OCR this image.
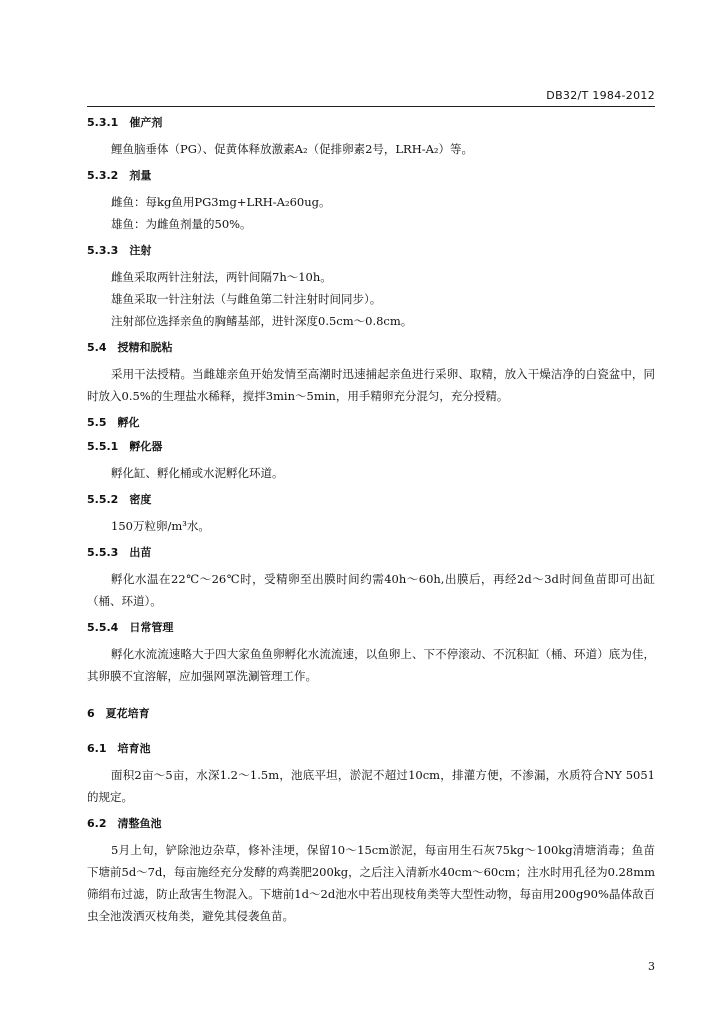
DB32/T 1984-2012
5.3.1　催产剂
鲤鱼脑垂体（PG）、促黄体释放激素A₂（促排卵素2号，LRH-A₂）等。
5.3.2　剂量
雌鱼：每kg鱼用PG3mg+LRH-A₂60ug。
雄鱼：为雌鱼剂量的50%。
5.3.3　注射
雌鱼采取两针注射法，两针间隔7h～10h。
雄鱼采取一针注射法（与雌鱼第二针注射时间同步）。
注射部位选择亲鱼的胸鳍基部，进针深度0.5cm～0.8cm。
5.4　授精和脱粘
采用干法授精。当雌雄亲鱼开始发情至高潮时迅速捕起亲鱼进行采卵、取精，放入干燥洁净的白瓷盆中，同时放入0.5%的生理盐水稀释，搅拌3min～5min，用手精卵充分混匀，充分授精。
5.5　孵化
5.5.1　孵化器
孵化缸、孵化桶或水泥孵化环道。
5.5.2　密度
150万粒卵/m³水。
5.5.3　出苗
孵化水温在22℃～26℃时，受精卵至出膜时间约需40h～60h,出膜后，再经2d～3d时间鱼苗即可出缸（桶、环道）。
5.5.4　日常管理
孵化水流流速略大于四大家鱼鱼卵孵化水流流速，以鱼卵上、下不停滚动、不沉积缸（桶、环道）底为佳，其卵膜不宜溶解，应加强网罩洗涮管理工作。
6　夏花培育
6.1　培育池
面积2亩～5亩，水深1.2～1.5m，池底平坦，淤泥不超过10cm，排灌方便，不渗漏，水质符合NY 5051的规定。
6.2　清整鱼池
5月上旬，铲除池边杂草，修补洼埂，保留10～15cm淤泥，每亩用生石灰75kg～100kg清塘消毒；鱼苗下塘前5d～7d，每亩施经充分发酵的鸡粪肥200kg，之后注入清新水40cm～60cm；注水时用孔径为0.28mm筛绢布过滤，防止敌害生物混入。下塘前1d～2d池水中若出现枝角类等大型性动物，每亩用200g90%晶体敌百虫全池泼洒灭枝角类，避免其侵袭鱼苗。
3
